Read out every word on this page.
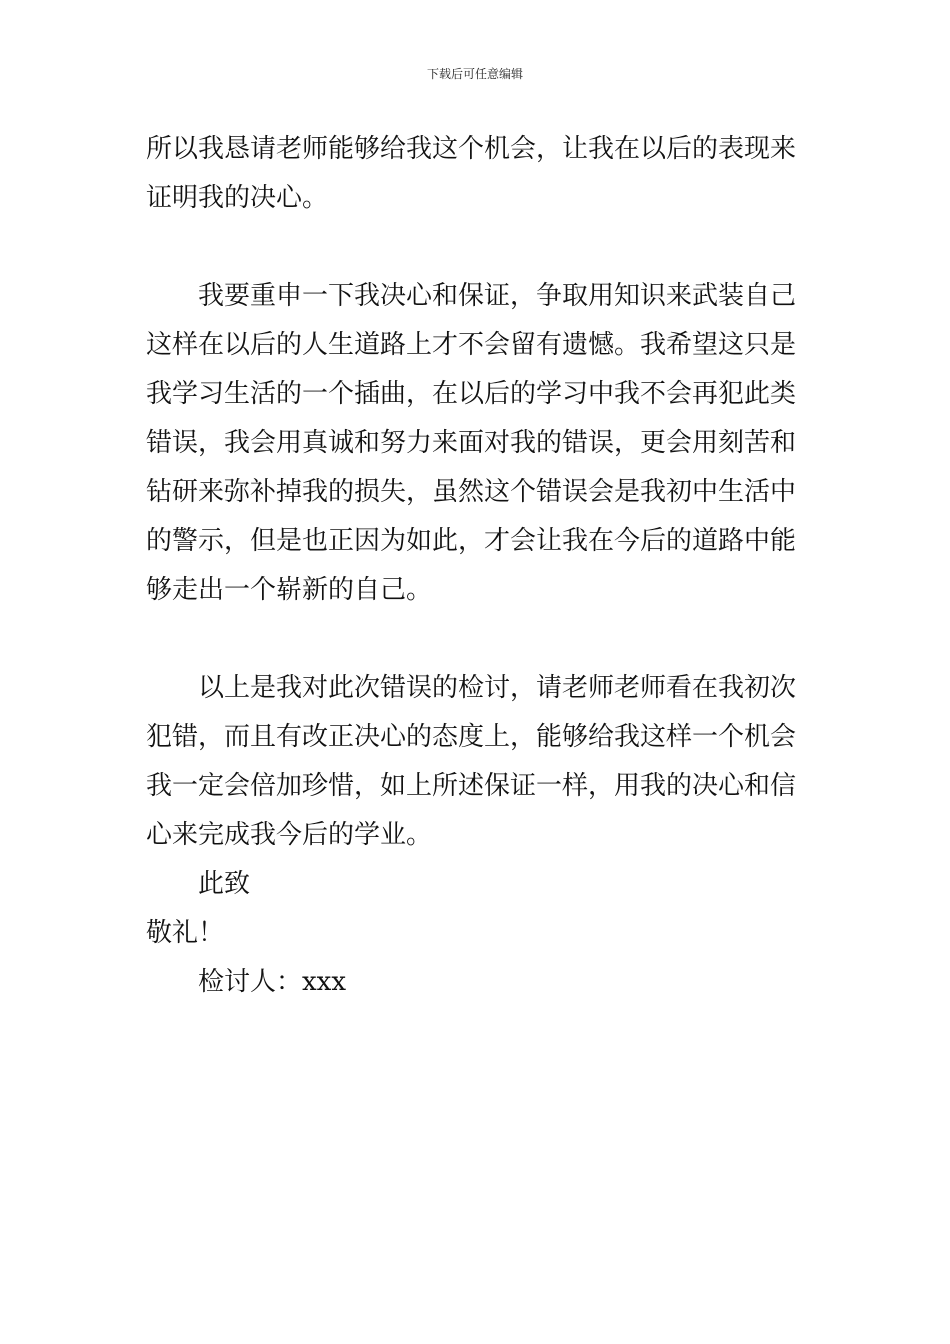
下载后可任意编辑

所以我恳请老师能够给我这个机会，让我在以后的表现来证明我的决心。

我要重申一下我决心和保证，争取用知识来武装自己这样在以后的人生道路上才不会留有遗憾。我希望这只是我学习生活的一个插曲，在以后的学习中我不会再犯此类错误，我会用真诚和努力来面对我的错误，更会用刻苦和钻研来弥补掉我的损失，虽然这个错误会是我初中生活中的警示，但是也正因为如此，才会让我在今后的道路中能够走出一个崭新的自己。

以上是我对此次错误的检讨，请老师老师看在我初次犯错，而且有改正决心的态度上，能够给我这样一个机会我一定会倍加珍惜，如上所述保证一样，用我的决心和信心来完成我今后的学业。

此致

敬礼！

检讨人：xxx
